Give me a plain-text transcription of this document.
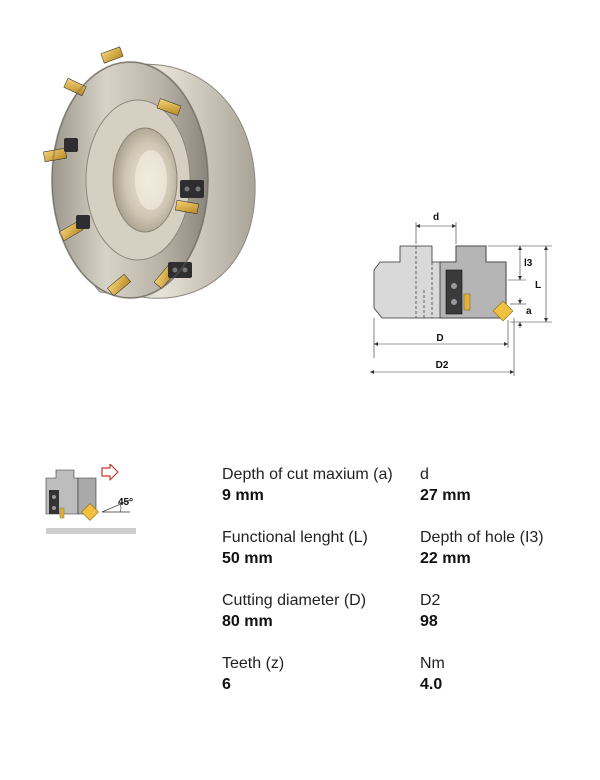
d
l3
L
a
D
D2
45°
Depth of cut maxium (a)
9 mm
d
27 mm
Functional lenght (L)
50 mm
Depth of hole (I3)
22 mm
Cutting diameter (D)
80 mm
D2
98
Teeth (z)
6
Nm
4.0
